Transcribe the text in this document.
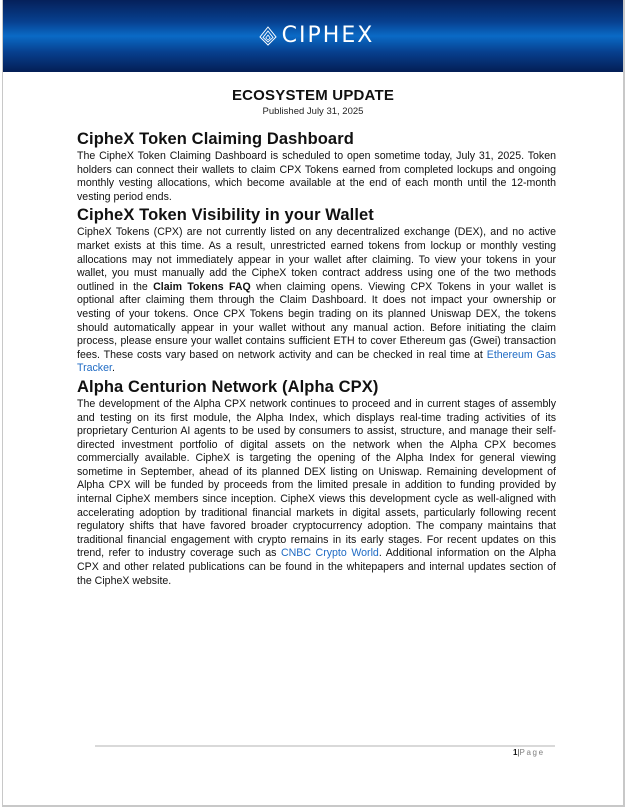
CIPHEX
ECOSYSTEM UPDATE
Published July 31, 2025
CipheX Token Claiming Dashboard

The CipheX Token Claiming Dashboard is scheduled to open sometime today, July 31, 2025. Token holders can connect their wallets to claim CPX Tokens earned from completed lockups and ongoing monthly vesting allocations, which become available at the end of each month until the 12-month vesting period ends.

CipheX Token Visibility in your Wallet

CipheX Tokens (CPX) are not currently listed on any decentralized exchange (DEX), and no active market exists at this time. As a result, unrestricted earned tokens from lockup or monthly vesting allocations may not immediately appear in your wallet after claiming. To view your tokens in your wallet, you must manually add the CipheX token contract address using one of the two methods outlined in the Claim Tokens FAQ when claiming opens. Viewing CPX Tokens in your wallet is optional after claiming them through the Claim Dashboard. It does not impact your ownership or vesting of your tokens. Once CPX Tokens begin trading on its planned Uniswap DEX, the tokens should automatically appear in your wallet without any manual action. Before initiating the claim process, please ensure your wallet contains sufficient ETH to cover Ethereum gas (Gwei) transaction fees. These costs vary based on network activity and can be checked in real time at Ethereum Gas Tracker.

Alpha Centurion Network (Alpha CPX)

The development of the Alpha CPX network continues to proceed and in current stages of assembly and testing on its first module, the Alpha Index, which displays real-time trading activities of its proprietary Centurion AI agents to be used by consumers to assist, structure, and manage their self-directed investment portfolio of digital assets on the network when the Alpha CPX becomes commercially available. CipheX is targeting the opening of the Alpha Index for general viewing sometime in September, ahead of its planned DEX listing on Uniswap. Remaining development of Alpha CPX will be funded by proceeds from the limited presale in addition to funding provided by internal CipheX members since inception. CipheX views this development cycle as well-aligned with accelerating adoption by traditional financial markets in digital assets, particularly following recent regulatory shifts that have favored broader cryptocurrency adoption. The company maintains that traditional financial engagement with crypto remains in its early stages. For recent updates on this trend, refer to industry coverage such as CNBC Crypto World. Additional information on the Alpha CPX and other related publications can be found in the whitepapers and internal updates section of the CipheX website.

1|Page
